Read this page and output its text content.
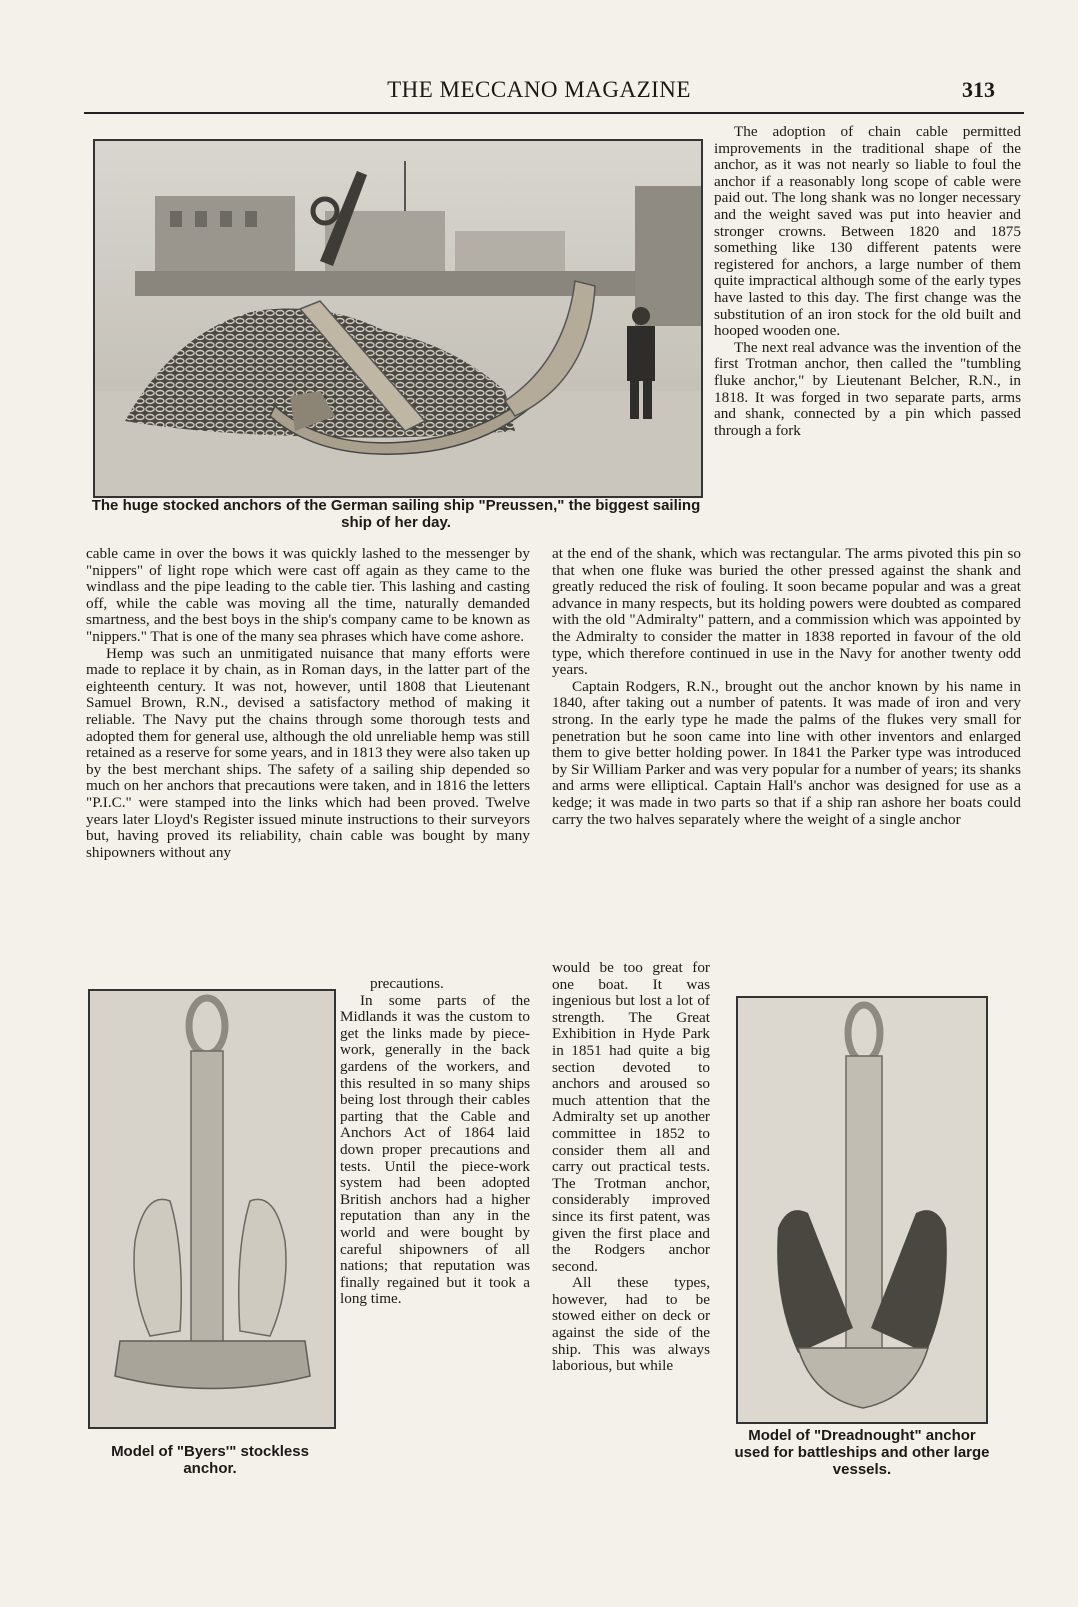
THE MECCANO MAGAZINE	313
The huge stocked anchors of the German sailing ship "Preussen," the biggest sailing ship of her day.

The adoption of chain cable permitted improvements in the traditional shape of the anchor, as it was not nearly so liable to foul the anchor if a reasonably long scope of cable were paid out. The long shank was no longer necessary and the weight saved was put into heavier and stronger crowns. Between 1820 and 1875 something like 130 different patents were registered for anchors, a large number of them quite impractical although some of the early types have lasted to this day. The first change was the substitution of an iron stock for the old built and hooped wooden one.

The next real advance was the invention of the first Trotman anchor, then called the "tumbling fluke anchor," by Lieutenant Belcher, R.N., in 1818. It was forged in two separate parts, arms and shank, connected by a pin which passed through a fork

cable came in over the bows it was quickly lashed to the messenger by "nippers" of light rope which were cast off again as they came to the windlass and the pipe leading to the cable tier. This lashing and casting off, while the cable was moving all the time, naturally demanded smartness, and the best boys in the ship's company came to be known as "nippers." That is one of the many sea phrases which have come ashore.

Hemp was such an unmitigated nuisance that many efforts were made to replace it by chain, as in Roman days, in the latter part of the eighteenth century. It was not, however, until 1808 that Lieutenant Samuel Brown, R.N., devised a satisfactory method of making it reliable. The Navy put the chains through some thorough tests and adopted them for general use, although the old unreliable hemp was still retained as a reserve for some years, and in 1813 they were also taken up by the best merchant ships. The safety of a sailing ship depended so much on her anchors that precautions were taken, and in 1816 the letters "P.I.C." were stamped into the links which had been proved. Twelve years later Lloyd's Register issued minute instructions to their surveyors but, having proved its reliability, chain cable was bought by many shipowners without any

at the end of the shank, which was rectangular. The arms pivoted this pin so that when one fluke was buried the other pressed against the shank and greatly reduced the risk of fouling. It soon became popular and was a great advance in many respects, but its holding powers were doubted as compared with the old "Admiralty" pattern, and a commission which was appointed by the Admiralty to consider the matter in 1838 reported in favour of the old type, which therefore continued in use in the Navy for another twenty odd years.

Captain Rodgers, R.N., brought out the anchor known by his name in 1840, after taking out a number of patents. It was made of iron and very strong. In the early type he made the palms of the flukes very small for penetration but he soon came into line with other inventors and enlarged them to give better holding power. In 1841 the Parker type was introduced by Sir William Parker and was very popular for a number of years; its shanks and arms were elliptical. Captain Hall's anchor was designed for use as a kedge; it was made in two parts so that if a ship ran ashore her boats could carry the two halves separately where the weight of a single anchor

Model of "Byers'" stockless anchor.

precautions.

In some parts of the Midlands it was the custom to get the links made by piece-work, generally in the back gardens of the workers, and this resulted in so many ships being lost through their cables parting that the Cable and Anchors Act of 1864 laid down proper precautions and tests. Until the piece-work system had been adopted British anchors had a higher reputation than any in the world and were bought by careful shipowners of all nations; that reputation was finally regained but it took a long time.

would be too great for one boat. It was ingenious but lost a lot of strength. The Great Exhibition in Hyde Park in 1851 had quite a big section devoted to anchors and aroused so much attention that the Admiralty set up another committee in 1852 to consider them all and carry out practical tests. The Trotman anchor, considerably improved since its first patent, was given the first place and the Rodgers anchor second.

All these types, however, had to be stowed either on deck or against the side of the ship. This was always laborious, but while

Model of "Dreadnought" anchor used for battleships and other large vessels.
